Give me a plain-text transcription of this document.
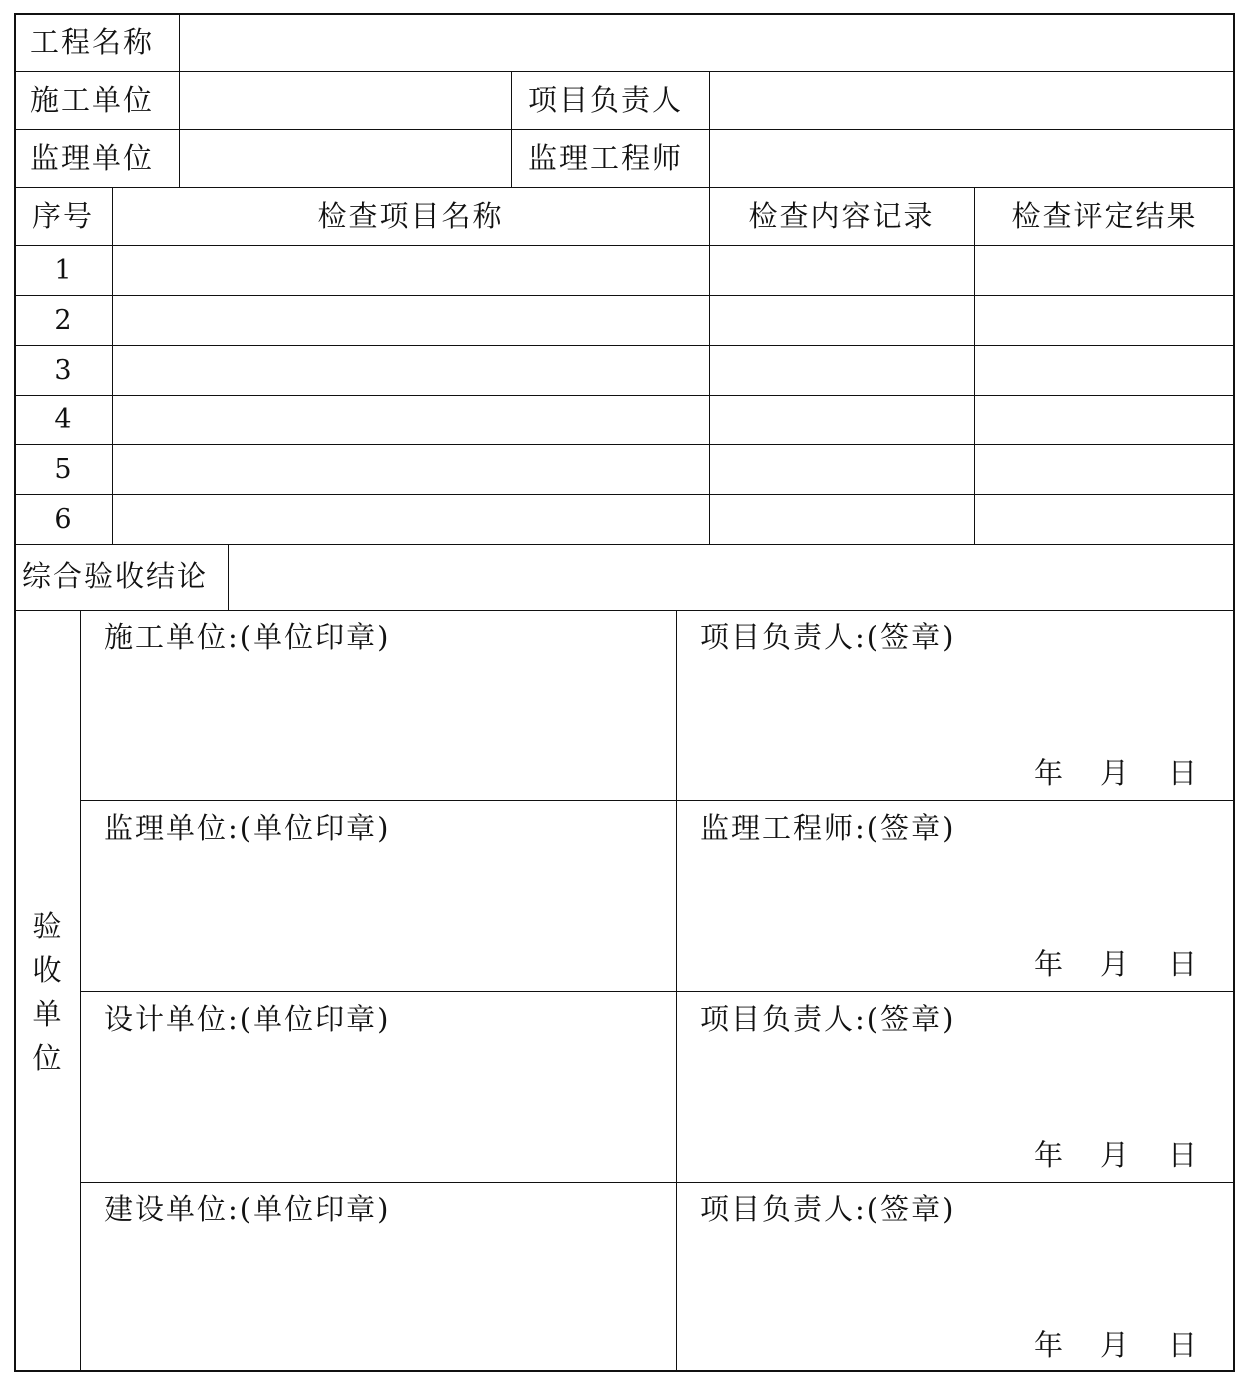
工程名称
施工单位	项目负责人
监理单位	监理工程师
序号	检查项目名称	检查内容记录	检查评定结果
1
2
3
4
5
6
综合验收结论
验
收
单
位
施工单位:(单位印章)	项目负责人:(签章)
年 月 日
监理单位:(单位印章)	监理工程师:(签章)
年 月 日
设计单位:(单位印章)	项目负责人:(签章)
年 月 日
建设单位:(单位印章)	项目负责人:(签章)
年 月 日
